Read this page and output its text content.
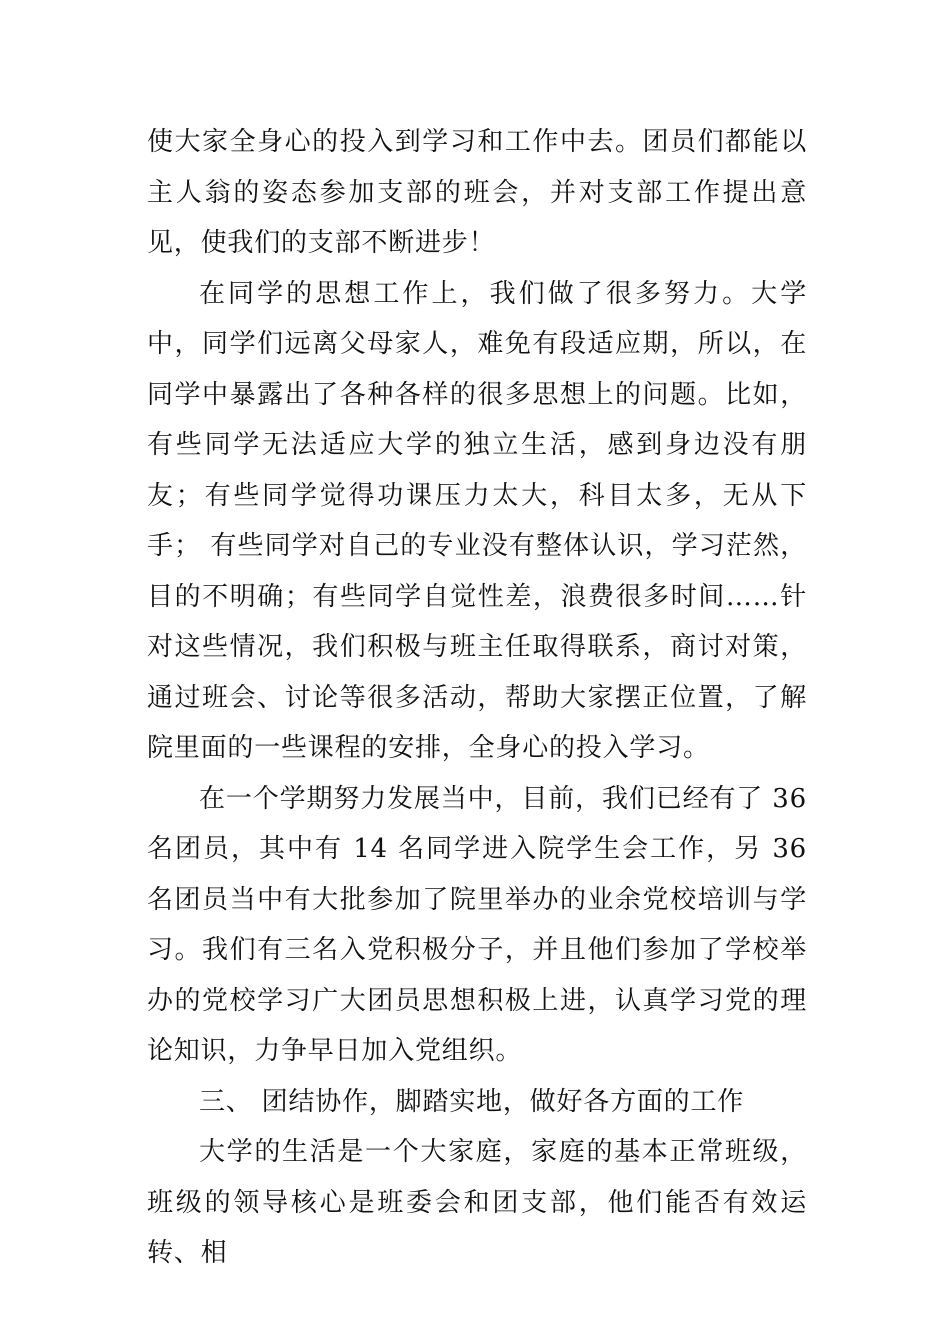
使大家全身心的投入到学习和工作中去。团员们都能以主人翁的姿态参加支部的班会，并对支部工作提出意见，使我们的支部不断进步！

在同学的思想工作上，我们做了很多努力。大学中，同学们远离父母家人，难免有段适应期，所以，在同学中暴露出了各种各样的很多思想上的问题。比如，有些同学无法适应大学的独立生活，感到身边没有朋友；有些同学觉得功课压力太大，科目太多，无从下手； 有些同学对自己的专业没有整体认识，学习茫然，目的不明确；有些同学自觉性差，浪费很多时间……针对这些情况，我们积极与班主任取得联系，商讨对策，通过班会、讨论等很多活动，帮助大家摆正位置，了解院里面的一些课程的安排，全身心的投入学习。

在一个学期努力发展当中，目前，我们已经有了 36 名团员，其中有 14 名同学进入院学生会工作，另 36 名团员当中有大批参加了院里举办的业余党校培训与学习。我们有三名入党积极分子，并且他们参加了学校举办的党校学习广大团员思想积极上进，认真学习党的理论知识，力争早日加入党组织。

三、 团结协作，脚踏实地，做好各方面的工作

大学的生活是一个大家庭，家庭的基本正常班级，班级的领导核心是班委会和团支部，他们能否有效运转、相
